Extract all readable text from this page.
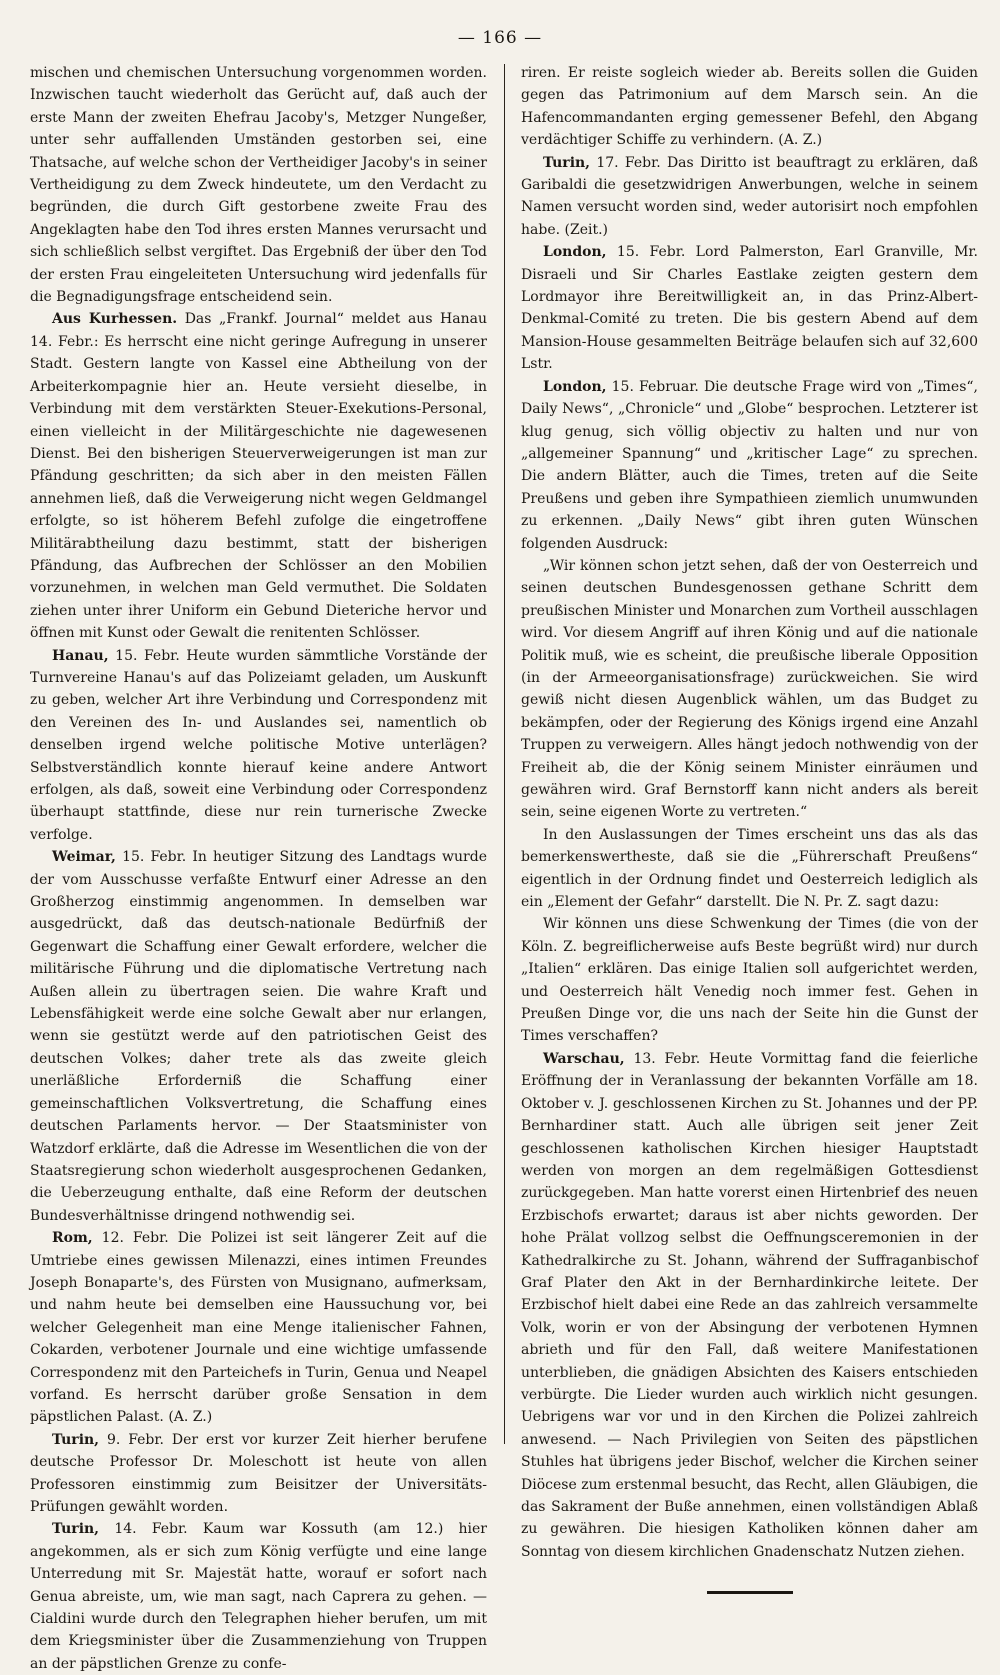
— 166 —

mischen und chemischen Untersuchung vorgenommen worden. Inzwischen taucht wiederholt das Gerücht auf, daß auch der erste Mann der zweiten Ehefrau Jacoby's, Metzger Nungeßer, unter sehr auffallenden Umständen gestorben sei, eine Thatsache, auf welche schon der Vertheidiger Jacoby's in seiner Vertheidigung zu dem Zweck hindeutete, um den Verdacht zu begründen, die durch Gift gestorbene zweite Frau des Angeklagten habe den Tod ihres ersten Mannes verursacht und sich schließlich selbst vergiftet. Das Ergebniß der über den Tod der ersten Frau eingeleiteten Untersuchung wird jedenfalls für die Begnadigungsfrage entscheidend sein.

Aus Kurhessen. Das „Frankf. Journal“ meldet aus Hanau 14. Febr.: Es herrscht eine nicht geringe Aufregung in unserer Stadt. Gestern langte von Kassel eine Abtheilung von der Arbeiterkompagnie hier an. Heute versieht dieselbe, in Verbindung mit dem verstärkten Steuer-Exekutions-Personal, einen vielleicht in der Militärgeschichte nie dagewesenen Dienst. Bei den bisherigen Steuerverweigerungen ist man zur Pfändung geschritten; da sich aber in den meisten Fällen annehmen ließ, daß die Verweigerung nicht wegen Geldmangel erfolgte, so ist höherem Befehl zufolge die eingetroffene Militärabtheilung dazu bestimmt, statt der bisherigen Pfändung, das Aufbrechen der Schlösser an den Mobilien vorzunehmen, in welchen man Geld vermuthet. Die Soldaten ziehen unter ihrer Uniform ein Gebund Dieteriche hervor und öffnen mit Kunst oder Gewalt die renitenten Schlösser.

Hanau, 15. Febr. Heute wurden sämmtliche Vorstände der Turnvereine Hanau's auf das Polizeiamt geladen, um Auskunft zu geben, welcher Art ihre Verbindung und Correspondenz mit den Vereinen des In- und Auslandes sei, namentlich ob denselben irgend welche politische Motive unterlägen? Selbstverständlich konnte hierauf keine andere Antwort erfolgen, als daß, soweit eine Verbindung oder Correspondenz überhaupt stattfinde, diese nur rein turnerische Zwecke verfolge.

Weimar, 15. Febr. In heutiger Sitzung des Landtags wurde der vom Ausschusse verfaßte Entwurf einer Adresse an den Großherzog einstimmig angenommen. In demselben war ausgedrückt, daß das deutsch-nationale Bedürfniß der Gegenwart die Schaffung einer Gewalt erfordere, welcher die militärische Führung und die diplomatische Vertretung nach Außen allein zu übertragen seien. Die wahre Kraft und Lebensfähigkeit werde eine solche Gewalt aber nur erlangen, wenn sie gestützt werde auf den patriotischen Geist des deutschen Volkes; daher trete als das zweite gleich unerläßliche Erforderniß die Schaffung einer gemeinschaftlichen Volksvertretung, die Schaffung eines deutschen Parlaments hervor. — Der Staatsminister von Watzdorf erklärte, daß die Adresse im Wesentlichen die von der Staatsregierung schon wiederholt ausgesprochenen Gedanken, die Ueberzeugung enthalte, daß eine Reform der deutschen Bundesverhältnisse dringend nothwendig sei.

Rom, 12. Febr. Die Polizei ist seit längerer Zeit auf die Umtriebe eines gewissen Milenazzi, eines intimen Freundes Joseph Bonaparte's, des Fürsten von Musignano, aufmerksam, und nahm heute bei demselben eine Haussuchung vor, bei welcher Gelegenheit man eine Menge italienischer Fahnen, Cokarden, verbotener Journale und eine wichtige umfassende Correspondenz mit den Parteichefs in Turin, Genua und Neapel vorfand. Es herrscht darüber große Sensation in dem päpstlichen Palast. (A. Z.)

Turin, 9. Febr. Der erst vor kurzer Zeit hierher berufene deutsche Professor Dr. Moleschott ist heute von allen Professoren einstimmig zum Beisitzer der Universitäts-Prüfungen gewählt worden.

Turin, 14. Febr. Kaum war Kossuth (am 12.) hier angekommen, als er sich zum König verfügte und eine lange Unterredung mit Sr. Majestät hatte, worauf er sofort nach Genua abreiste, um, wie man sagt, nach Caprera zu gehen. — Cialdini wurde durch den Telegraphen hieher berufen, um mit dem Kriegsminister über die Zusammenziehung von Truppen an der päpstlichen Grenze zu confe-

riren. Er reiste sogleich wieder ab. Bereits sollen die Guiden gegen das Patrimonium auf dem Marsch sein. An die Hafencommandanten erging gemessener Befehl, den Abgang verdächtiger Schiffe zu verhindern. (A. Z.)

Turin, 17. Febr. Das Diritto ist beauftragt zu erklären, daß Garibaldi die gesetzwidrigen Anwerbungen, welche in seinem Namen versucht worden sind, weder autorisirt noch empfohlen habe. (Zeit.)

London, 15. Febr. Lord Palmerston, Earl Granville, Mr. Disraeli und Sir Charles Eastlake zeigten gestern dem Lordmayor ihre Bereitwilligkeit an, in das Prinz-Albert-Denkmal-Comité zu treten. Die bis gestern Abend auf dem Mansion-House gesammelten Beiträge belaufen sich auf 32,600 Lstr.

London, 15. Februar. Die deutsche Frage wird von „Times“, Daily News“, „Chronicle“ und „Globe“ besprochen. Letzterer ist klug genug, sich völlig objectiv zu halten und nur von „allgemeiner Spannung“ und „kritischer Lage“ zu sprechen. Die andern Blätter, auch die Times, treten auf die Seite Preußens und geben ihre Sympathieen ziemlich unumwunden zu erkennen. „Daily News“ gibt ihren guten Wünschen folgenden Ausdruck:

„Wir können schon jetzt sehen, daß der von Oesterreich und seinen deutschen Bundesgenossen gethane Schritt dem preußischen Minister und Monarchen zum Vortheil ausschlagen wird. Vor diesem Angriff auf ihren König und auf die nationale Politik muß, wie es scheint, die preußische liberale Opposition (in der Armeeorganisationsfrage) zurückweichen. Sie wird gewiß nicht diesen Augenblick wählen, um das Budget zu bekämpfen, oder der Regierung des Königs irgend eine Anzahl Truppen zu verweigern. Alles hängt jedoch nothwendig von der Freiheit ab, die der König seinem Minister einräumen und gewähren wird. Graf Bernstorff kann nicht anders als bereit sein, seine eigenen Worte zu vertreten.“

In den Auslassungen der Times erscheint uns das als das bemerkenswertheste, daß sie die „Führerschaft Preußens“ eigentlich in der Ordnung findet und Oesterreich lediglich als ein „Element der Gefahr“ darstellt. Die N. Pr. Z. sagt dazu:

Wir können uns diese Schwenkung der Times (die von der Köln. Z. begreiflicherweise aufs Beste begrüßt wird) nur durch „Italien“ erklären. Das einige Italien soll aufgerichtet werden, und Oesterreich hält Venedig noch immer fest. Gehen in Preußen Dinge vor, die uns nach der Seite hin die Gunst der Times verschaffen?

Warschau, 13. Febr. Heute Vormittag fand die feierliche Eröffnung der in Veranlassung der bekannten Vorfälle am 18. Oktober v. J. geschlossenen Kirchen zu St. Johannes und der PP. Bernhardiner statt. Auch alle übrigen seit jener Zeit geschlossenen katholischen Kirchen hiesiger Hauptstadt werden von morgen an dem regelmäßigen Gottesdienst zurückgegeben. Man hatte vorerst einen Hirtenbrief des neuen Erzbischofs erwartet; daraus ist aber nichts geworden. Der hohe Prälat vollzog selbst die Oeffnungsceremonien in der Kathedralkirche zu St. Johann, während der Suffraganbischof Graf Plater den Akt in der Bernhardinkirche leitete. Der Erzbischof hielt dabei eine Rede an das zahlreich versammelte Volk, worin er von der Absingung der verbotenen Hymnen abrieth und für den Fall, daß weitere Manifestationen unterblieben, die gnädigen Absichten des Kaisers entschieden verbürgte. Die Lieder wurden auch wirklich nicht gesungen. Uebrigens war vor und in den Kirchen die Polizei zahlreich anwesend. — Nach Privilegien von Seiten des päpstlichen Stuhles hat übrigens jeder Bischof, welcher die Kirchen seiner Diöcese zum erstenmal besucht, das Recht, allen Gläubigen, die das Sakrament der Buße annehmen, einen vollständigen Ablaß zu gewähren. Die hiesigen Katholiken können daher am Sonntag von diesem kirchlichen Gnadenschatz Nutzen ziehen.
